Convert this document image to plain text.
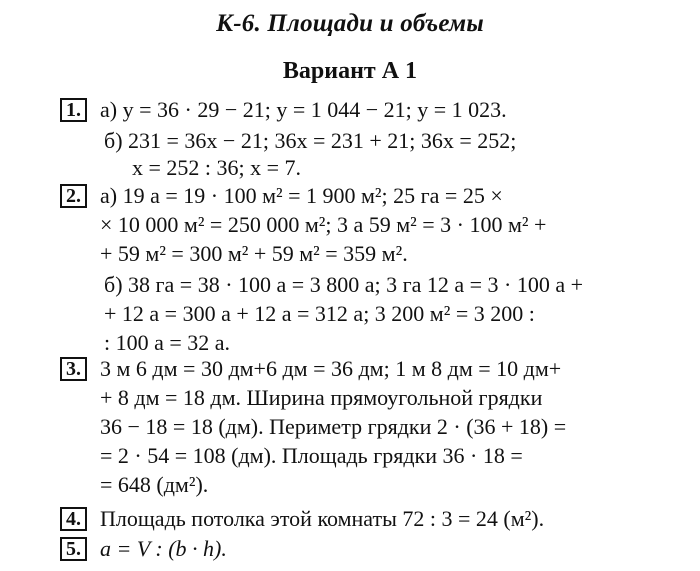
К-6. Площади и объемы
Вариант А 1
1. а) y = 36 · 29 − 21; y = 1 044 − 21; y = 1 023.
б) 231 = 36x − 21; 36x = 231 + 21; 36x = 252;
x = 252 : 36; x = 7.
2. а) 19 а = 19 · 100 м² = 1 900 м²; 25 га = 25 ×
× 10 000 м² = 250 000 м²; 3 а 59 м² = 3 · 100 м² +
+ 59 м² = 300 м² + 59 м² = 359 м².
б) 38 га = 38 · 100 а = 3 800 а; 3 га 12 а = 3 · 100 а +
+ 12 а = 300 а + 12 а = 312 а; 3 200 м² = 3 200 :
: 100 а = 32 а.
3. 3 м 6 дм = 30 дм+6 дм = 36 дм; 1 м 8 дм = 10 дм+
+ 8 дм = 18 дм. Ширина прямоугольной грядки
36 − 18 = 18 (дм). Периметр грядки 2 · (36 + 18) =
= 2 · 54 = 108 (дм). Площадь грядки 36 · 18 =
= 648 (дм²).
4. Площадь потолка этой комнаты 72 : 3 = 24 (м²).
5. a = V : (b · h).
